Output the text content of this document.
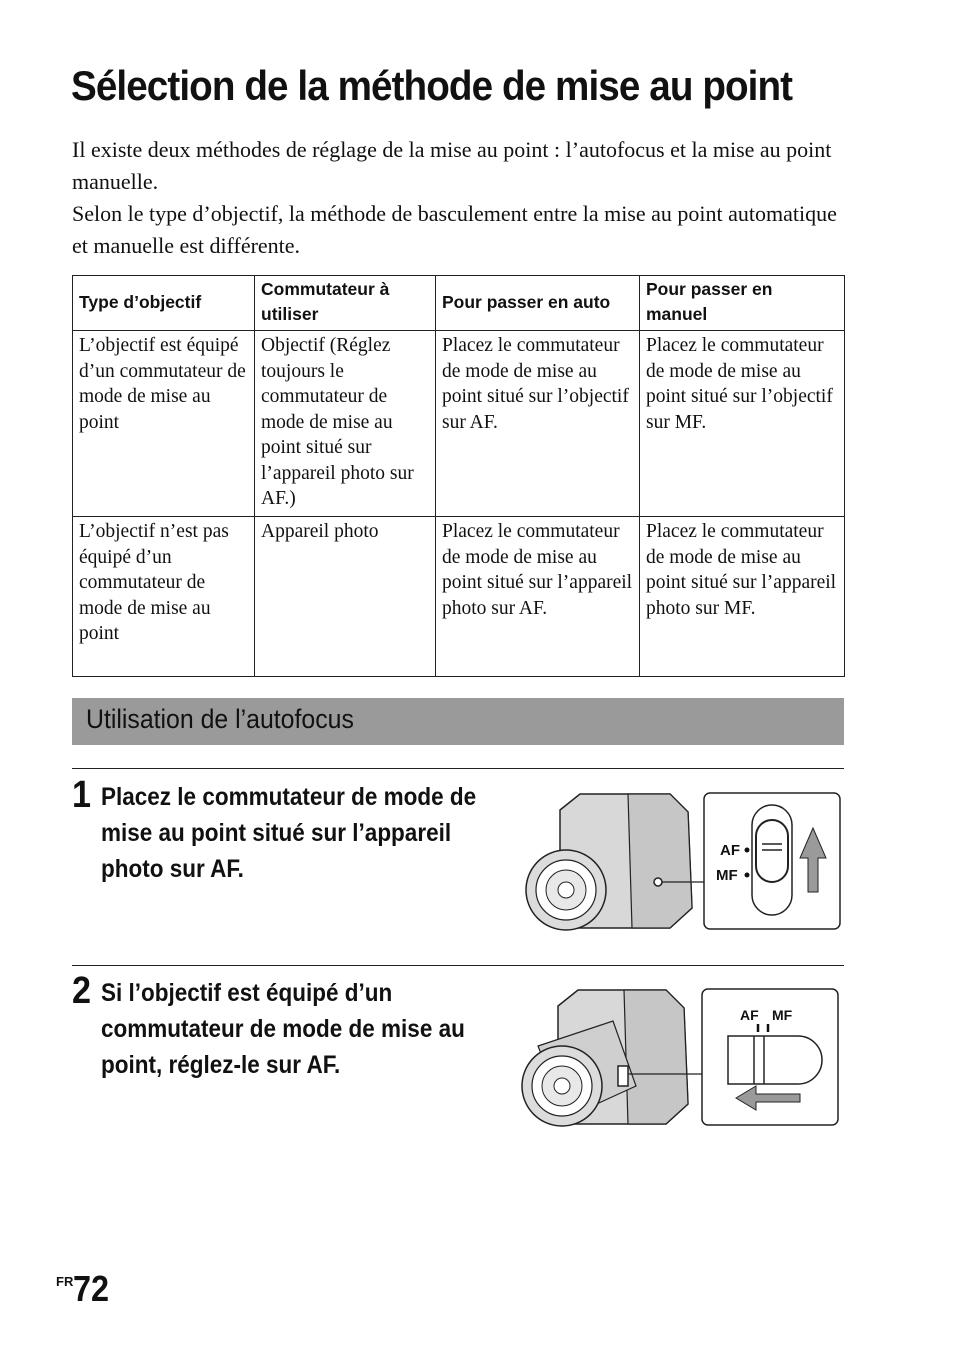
Sélection de la méthode de mise au point

Il existe deux méthodes de réglage de la mise au point : l’autofocus et la mise au point manuelle.

Selon le type d’objectif, la méthode de basculement entre la mise au point automatique et manuelle est différente.

Type d’objectif	Commutateur à utiliser	Pour passer en auto	Pour passer en manuel
L’objectif est équipé d’un commutateur de mode de mise au point	Objectif (Réglez toujours le commutateur de mode de mise au point situé sur l’appareil photo sur AF.)	Placez le commutateur de mode de mise au point situé sur l’objectif sur AF.	Placez le commutateur de mode de mise au point situé sur l’objectif sur MF.
L’objectif n’est pas équipé d’un commutateur de mode de mise au point	Appareil photo	Placez le commutateur de mode de mise au point situé sur l’appareil photo sur AF.	Placez le commutateur de mode de mise au point situé sur l’appareil photo sur MF.
Utilisation de l’autofocus
1 Placez le commutateur de mode de mise au point situé sur l’appareil photo sur AF.
AF
MF
2 Si l’objectif est équipé d’un commutateur de mode de mise au point, réglez-le sur AF.
AF MF
$^{FR}$72
